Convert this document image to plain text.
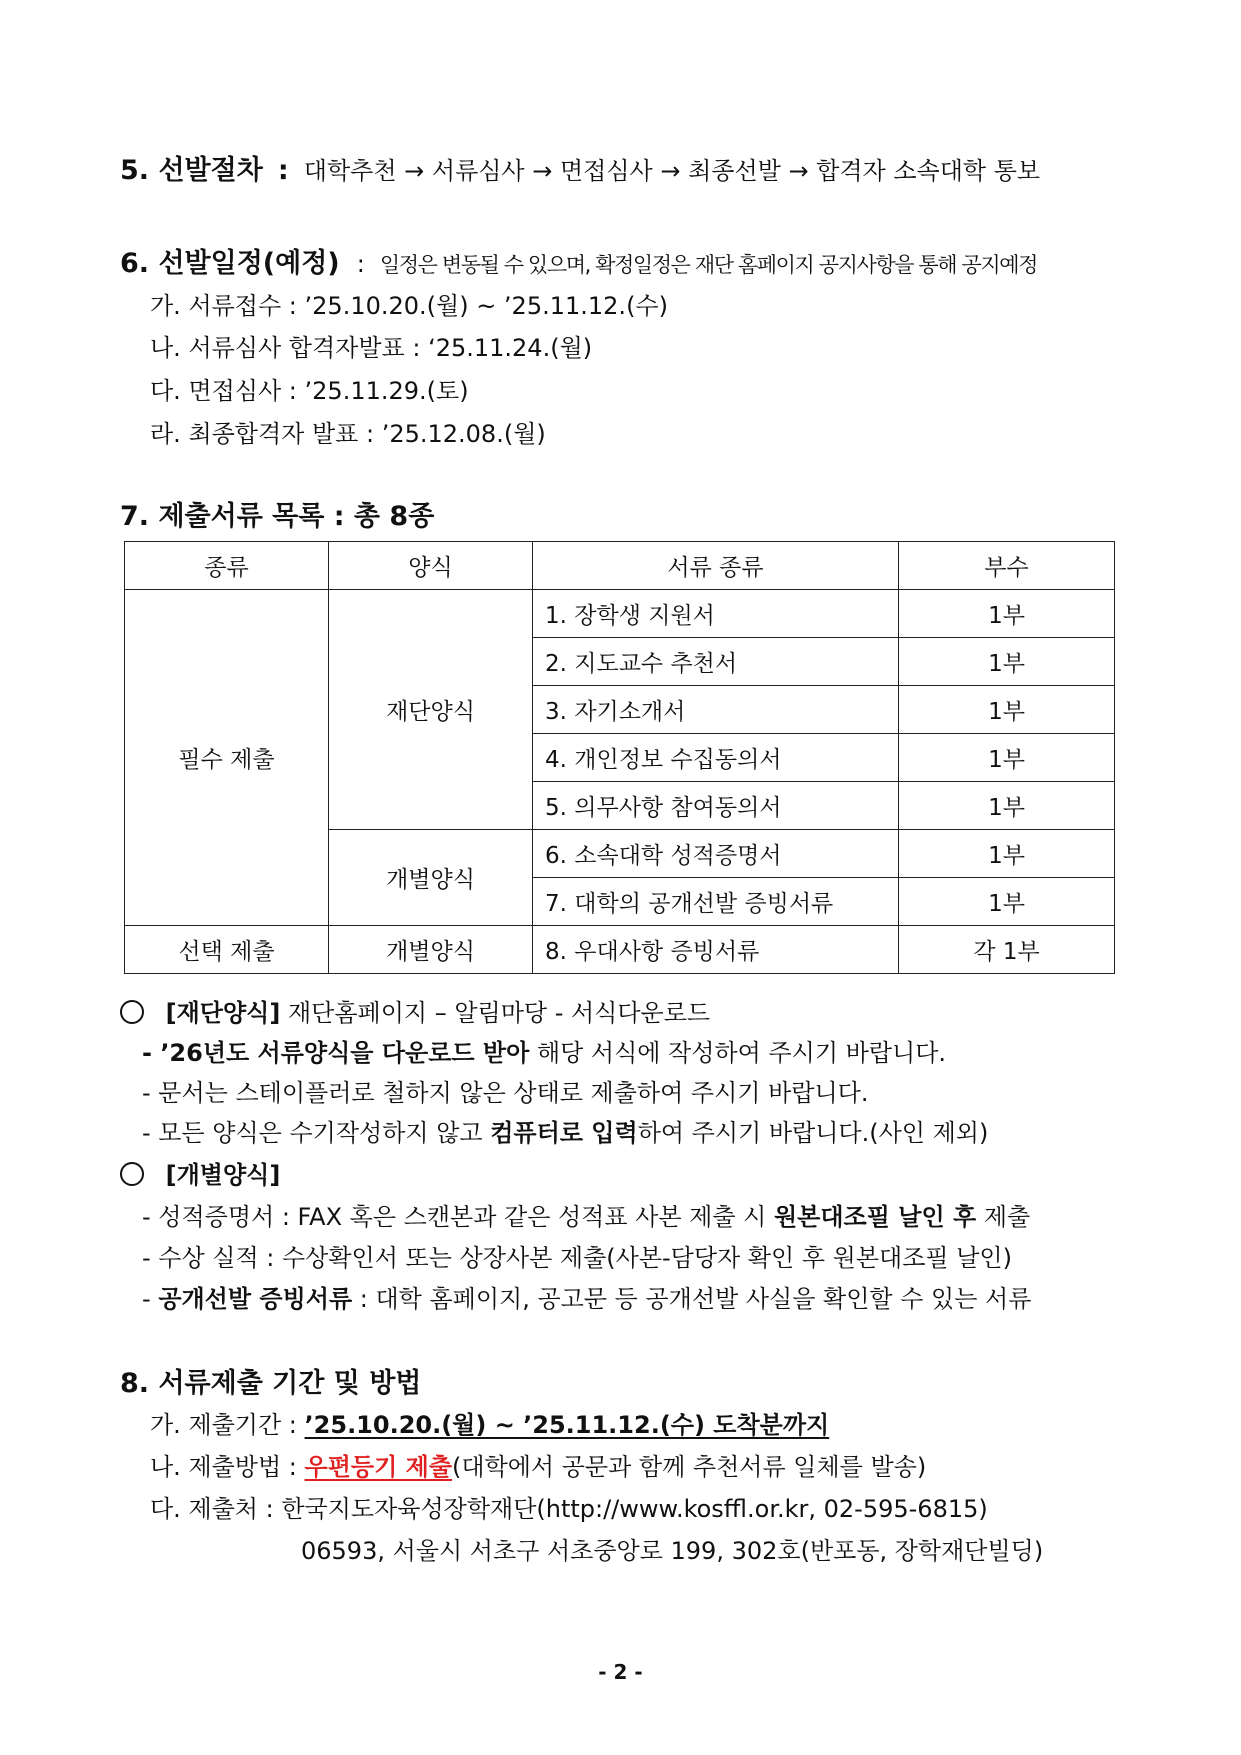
5. 선발절차 : 대학추천 → 서류심사 → 면접심사 → 최종선발 → 합격자 소속대학 통보
6. 선발일정(예정) : 일정은 변동될 수 있으며, 확정일정은 재단 홈페이지 공지사항을 통해 공지예정
가. 서류접수 : ’25.10.20.(월) ~ ’25.11.12.(수)
나. 서류심사 합격자발표 : ‘25.11.24.(월)
다. 면접심사 : ’25.11.29.(토)
라. 최종합격자 발표 : ’25.12.08.(월)
7. 제출서류 목록 : 총 8종
종류	양식	서류 종류	부수
필수 제출	재단양식	1. 장학생 지원서	1부
		2. 지도교수 추천서	1부
		3. 자기소개서	1부
		4. 개인정보 수집동의서	1부
		5. 의무사항 참여동의서	1부
	개별양식	6. 소속대학 성적증명서	1부
		7. 대학의 공개선발 증빙서류	1부
선택 제출	개별양식	8. 우대사항 증빙서류	각 1부
[재단양식] 재단홈페이지 – 알림마당 - 서식다운로드
- ’26년도 서류양식을 다운로드 받아 해당 서식에 작성하여 주시기 바랍니다.
- 문서는 스테이플러로 철하지 않은 상태로 제출하여 주시기 바랍니다.
- 모든 양식은 수기작성하지 않고 컴퓨터로 입력하여 주시기 바랍니다.(사인 제외)
[개별양식]
- 성적증명서 : FAX 혹은 스캔본과 같은 성적표 사본 제출 시 원본대조필 날인 후 제출
- 수상 실적 : 수상확인서 또는 상장사본 제출(사본-담당자 확인 후 원본대조필 날인)
- 공개선발 증빙서류 : 대학 홈페이지, 공고문 등 공개선발 사실을 확인할 수 있는 서류
8. 서류제출 기간 및 방법
가. 제출기간 : ’25.10.20.(월) ~ ’25.11.12.(수) 도착분까지
나. 제출방법 : 우편등기 제출(대학에서 공문과 함께 추천서류 일체를 발송)
다. 제출처 : 한국지도자육성장학재단(http://www.kosffl.or.kr, 02-595-6815)
06593, 서울시 서초구 서초중앙로 199, 302호(반포동, 장학재단빌딩)
- 2 -
